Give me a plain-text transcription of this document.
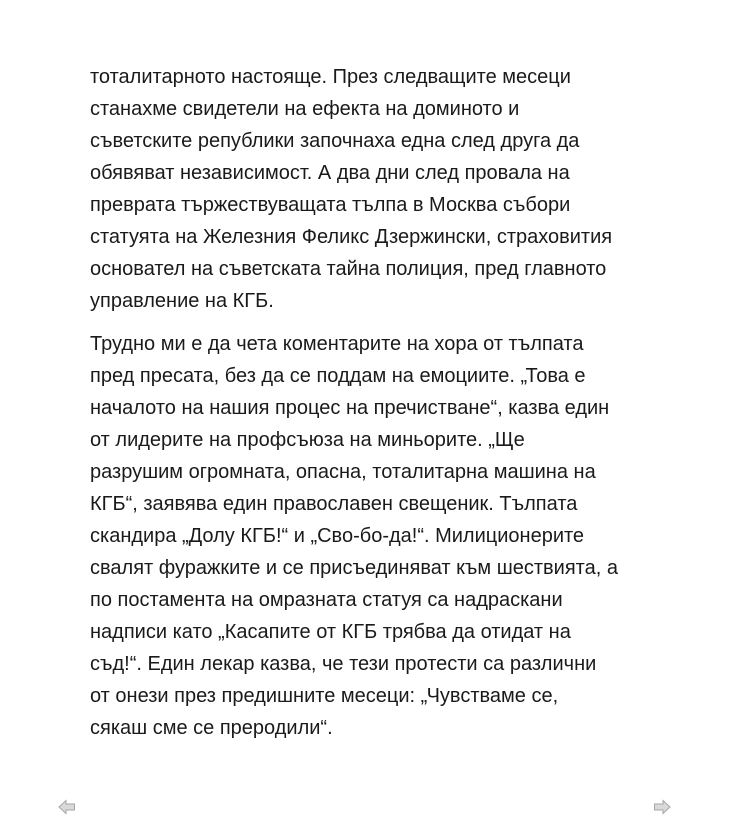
тоталитарното настояще. През следващите месеци
станахме свидетели на ефекта на доминото и
съветските републики започнаха една след друга да
обявяват независимост. А два дни след провала на
преврата тържествуващата тълпа в Москва събори
статуята на Железния Феликс Дзержински, страховития
основател на съветската тайна полиция, пред главното
управление на КГБ.
Трудно ми е да чета коментарите на хора от тълпата
пред пресата, без да се поддам на емоциите. „Това е
началото на нашия процес на пречистване“, казва един
от лидерите на профсъюза на миньорите. „Ще
разрушим огромната, опасна, тоталитарна машина на
КГБ“, заявява един православен свещеник. Тълпата
скандира „Долу КГБ!“ и „Сво-бо-да!“. Милиционерите
свалят фуражките и се присъединяват към шествията, а
по постамента на омразната статуя са надраскани
надписи като „Касапите от КГБ трябва да отидат на
съд!“. Един лекар казва, че тези протести са различни
от онези през предишните месеци: „Чувстваме се,
сякаш сме се преродили“.
